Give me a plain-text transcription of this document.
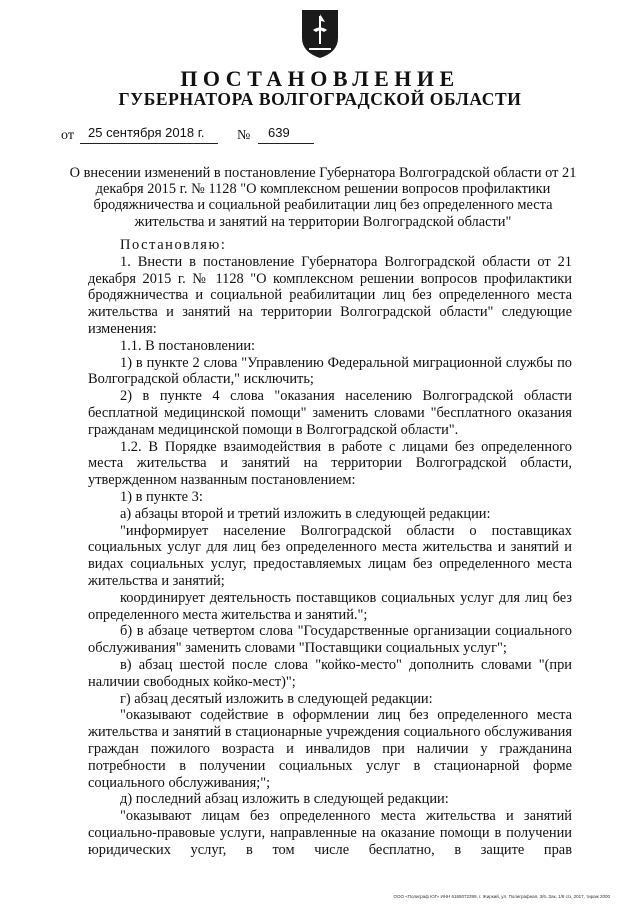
ПОСТАНОВЛЕНИЕ
ГУБЕРНАТОРА ВОЛГОГРАДСКОЙ ОБЛАСТИ
от 25 сентября 2018 г. № 639
О внесении изменений в постановление Губернатора Волгоградской области от 21 декабря 2015 г. № 1128 "О комплексном решении вопросов профилактики бродяжничества и социальной реабилитации лиц без определенного места жительства и занятий на территории Волгоградской области"

Постановляю:

1. Внести в постановление Губернатора Волгоградской области от 21 декабря 2015 г. № 1128 "О комплексном решении вопросов профилактики бродяжничества и социальной реабилитации лиц без определенного места жительства и занятий на территории Волгоградской области" следующие изменения:

1.1. В постановлении:

1) в пункте 2 слова "Управлению Федеральной миграционной службы по Волгоградской области," исключить;

2) в пункте 4 слова "оказания населению Волгоградской области бесплатной медицинской помощи" заменить словами "бесплатного оказания гражданам медицинской помощи в Волгоградской области".

1.2. В Порядке взаимодействия в работе с лицами без определенного места жительства и занятий на территории Волгоградской области, утвержденном названным постановлением:

1) в пункте 3:

а) абзацы второй и третий изложить в следующей редакции:

"информирует население Волгоградской области о поставщиках социальных услуг для лиц без определенного места жительства и занятий и видах социальных услуг, предоставляемых лицам без определенного места жительства и занятий;

координирует деятельность поставщиков социальных услуг для лиц без определенного места жительства и занятий.";

б) в абзаце четвертом слова "Государственные организации социального обслуживания" заменить словами "Поставщики социальных услуг";

в) абзац шестой после слова "койко-место" дополнить словами "(при наличии свободных койко-мест)";

г) абзац десятый изложить в следующей редакции:

"оказывают содействие в оформлении лиц без определенного места жительства и занятий в стационарные учреждения социального обслуживания граждан пожилого возраста и инвалидов при наличии у гражданина потребности в получении социальных услуг в стационарной форме социального обслуживания;";

д) последний абзац изложить в следующей редакции:

"оказывают лицам без определенного места жительства и занятий социально-правовые услуги, направленные на оказание помощи в получении юридических услуг, в том числе бесплатно, в защите прав

ООО «Полиграф ЮГ» ИНН 6165072399, г. Жиркий, ул. Полиграфная, 3/6. Зак. 1/8 с/з, 2017, тираж 2000
